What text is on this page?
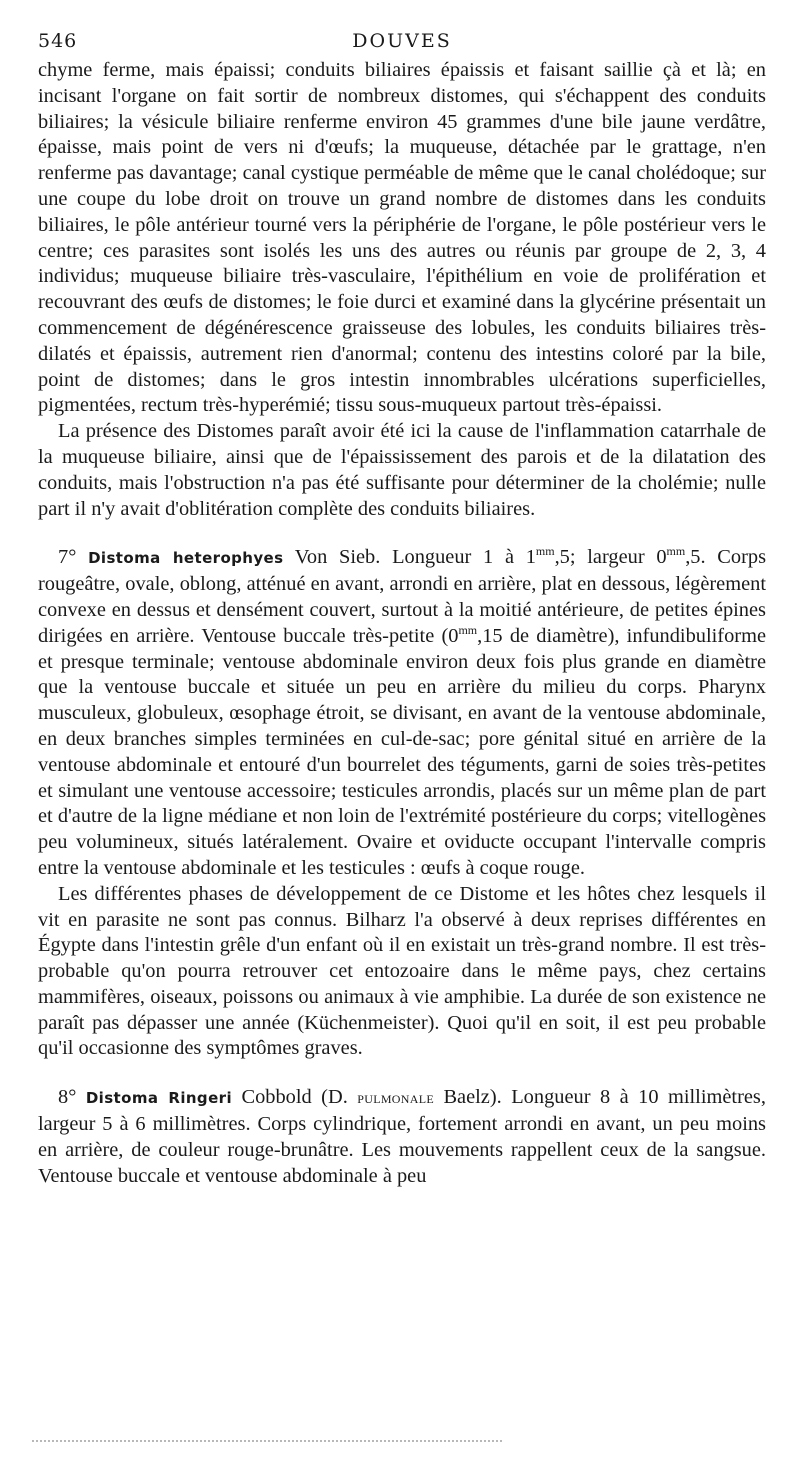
546	DOUVES

chyme ferme, mais épaissi; conduits biliaires épaissis et faisant saillie çà et là; en incisant l'organe on fait sortir de nombreux distomes, qui s'échappent des conduits biliaires; la vésicule biliaire renferme environ 45 grammes d'une bile jaune verdâtre, épaisse, mais point de vers ni d'œufs; la muqueuse, détachée par le grattage, n'en renferme pas davantage; canal cystique perméable de même que le canal cholédoque; sur une coupe du lobe droit on trouve un grand nombre de distomes dans les conduits biliaires, le pôle antérieur tourné vers la périphérie de l'organe, le pôle postérieur vers le centre; ces parasites sont isolés les uns des autres ou réunis par groupe de 2, 3, 4 individus; muqueuse biliaire très-vasculaire, l'épithélium en voie de prolifération et recouvrant des œufs de distomes; le foie durci et examiné dans la glycérine présentait un commencement de dégénérescence graisseuse des lobules, les conduits biliaires très-dilatés et épaissis, autrement rien d'anormal; contenu des intestins coloré par la bile, point de distomes; dans le gros intestin innombrables ulcérations superficielles, pigmentées, rectum très-hyperémié; tissu sous-muqueux partout très-épaissi.

La présence des Distomes paraît avoir été ici la cause de l'inflammation catarrhale de la muqueuse biliaire, ainsi que de l'épaississement des parois et de la dilatation des conduits, mais l'obstruction n'a pas été suffisante pour déterminer de la cholémie; nulle part il n'y avait d'oblitération complète des conduits biliaires.

7° Distoma heterophyes Von Sieb. Longueur 1 à $1^{mm},5$; largeur $0^{mm},5$. Corps rougeâtre, ovale, oblong, atténué en avant, arrondi en arrière, plat en dessous, légèrement convexe en dessus et densément couvert, surtout à la moitié antérieure, de petites épines dirigées en arrière. Ventouse buccale très-petite ($0^{mm},15$ de diamètre), infundibuliforme et presque terminale; ventouse abdominale environ deux fois plus grande en diamètre que la ventouse buccale et située un peu en arrière du milieu du corps. Pharynx musculeux, globuleux, œsophage étroit, se divisant, en avant de la ventouse abdominale, en deux branches simples terminées en cul-de-sac; pore génital situé en arrière de la ventouse abdominale et entouré d'un bourrelet des téguments, garni de soies très-petites et simulant une ventouse accessoire; testicules arrondis, placés sur un même plan de part et d'autre de la ligne médiane et non loin de l'extrémité postérieure du corps; vitellogènes peu volumineux, situés latéralement. Ovaire et oviducte occupant l'intervalle compris entre la ventouse abdominale et les testicules : œufs à coque rouge.

Les différentes phases de développement de ce Distome et les hôtes chez lesquels il vit en parasite ne sont pas connus. Bilharz l'a observé à deux reprises différentes en Égypte dans l'intestin grêle d'un enfant où il en existait un très-grand nombre. Il est très-probable qu'on pourra retrouver cet entozoaire dans le même pays, chez certains mammifères, oiseaux, poissons ou animaux à vie amphibie. La durée de son existence ne paraît pas dépasser une année (Küchenmeister). Quoi qu'il en soit, il est peu probable qu'il occasionne des symptômes graves.

8° Distoma Ringeri Cobbold (D. pulmonale Baelz). Longueur 8 à 10 millimètres, largeur 5 à 6 millimètres. Corps cylindrique, fortement arrondi en avant, un peu moins en arrière, de couleur rouge-brunâtre. Les mouvements rappellent ceux de la sangsue. Ventouse buccale et ventouse abdominale à peu
